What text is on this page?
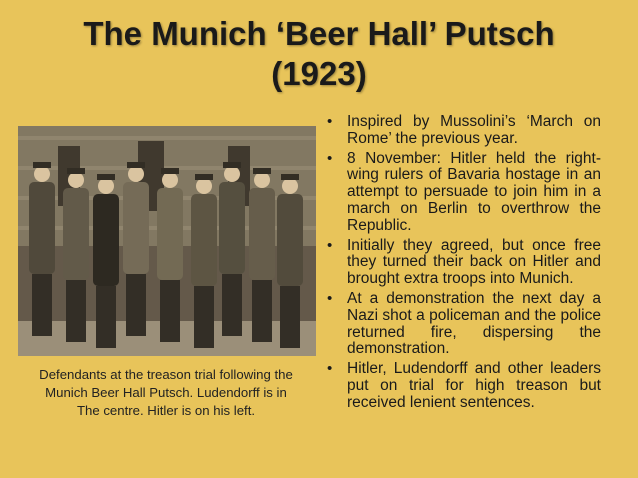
The Munich ‘Beer Hall’ Putsch
(1923)
Defendants at the treason trial following the
Munich Beer Hall Putsch. Ludendorff is in
The centre. Hitler is on his left.
• Inspired by Mussolini’s ‘March on Rome’ the previous year.
• 8 November: Hitler held the right-wing rulers of Bavaria hostage in an attempt to persuade to join him in a march on Berlin to overthrow the Republic.
• Initially they agreed, but once free they turned their back on Hitler and brought extra troops into Munich.
• At a demonstration the next day a Nazi shot a policeman and the police returned fire, dispersing the demonstration.
• Hitler, Ludendorff and other leaders put on trial for high treason but received lenient sentences.
